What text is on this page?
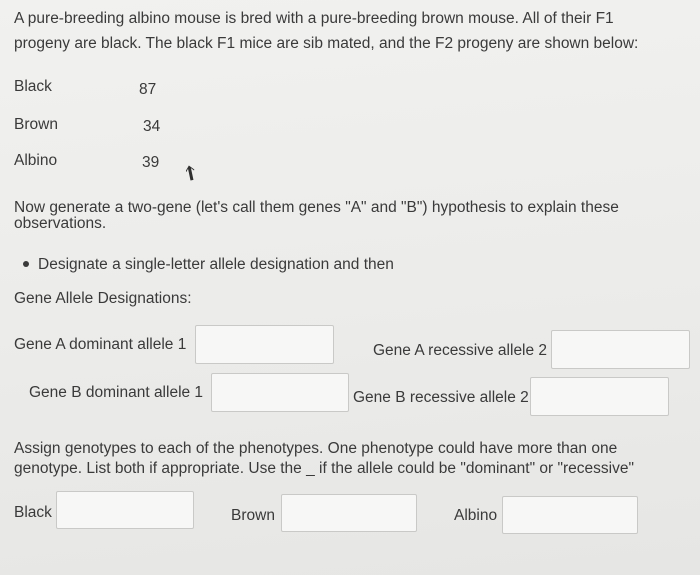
A pure-breeding albino mouse is bred with a pure-breeding brown mouse. All of their F1
progeny are black. The black F1 mice are sib mated, and the F2 progeny are shown below:
Black	87
Brown	34
Albino	39
Now generate a two-gene (let's call them genes "A" and "B") hypothesis to explain these
observations.
Designate a single-letter allele designation and then
Gene Allele Designations:
Gene A dominant allele 1	Gene A recessive allele 2
Gene B dominant allele 1	Gene B recessive allele 2
Assign genotypes to each of the phenotypes. One phenotype could have more than one
genotype. List both if appropriate. Use the _ if the allele could be "dominant" or "recessive"
Black	Brown	Albino
